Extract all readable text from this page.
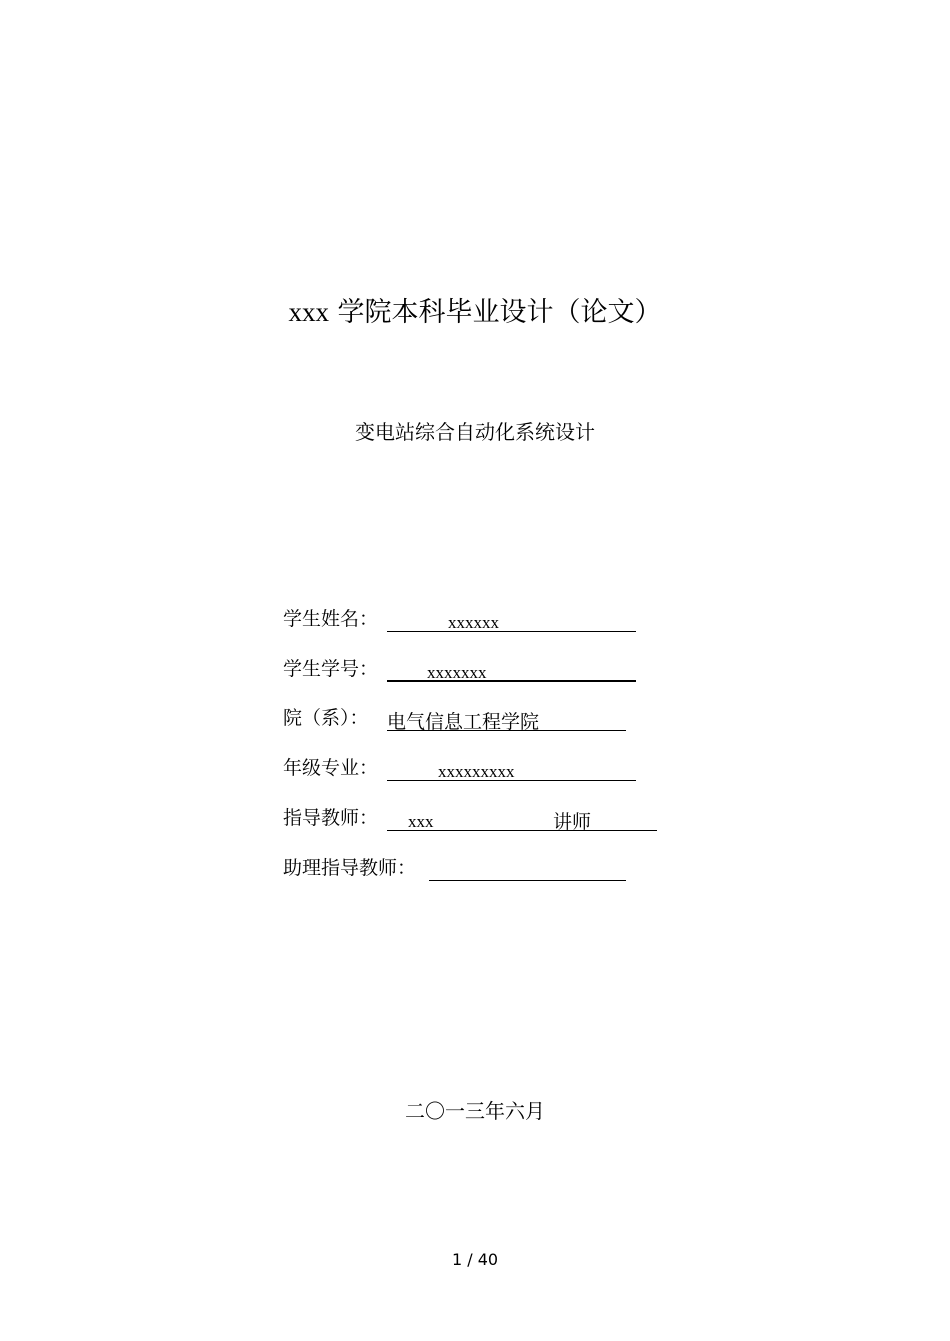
xxx 学院本科毕业设计（论文）
变电站综合自动化系统设计
学生姓名：	xxxxxx
学生学号：	xxxxxxx
院（系）： 电气信息工程学院
年级专业：	xxxxxxxxx
指导教师： xxx	讲师
助理指导教师：
二〇一三年六月
1 / 40
